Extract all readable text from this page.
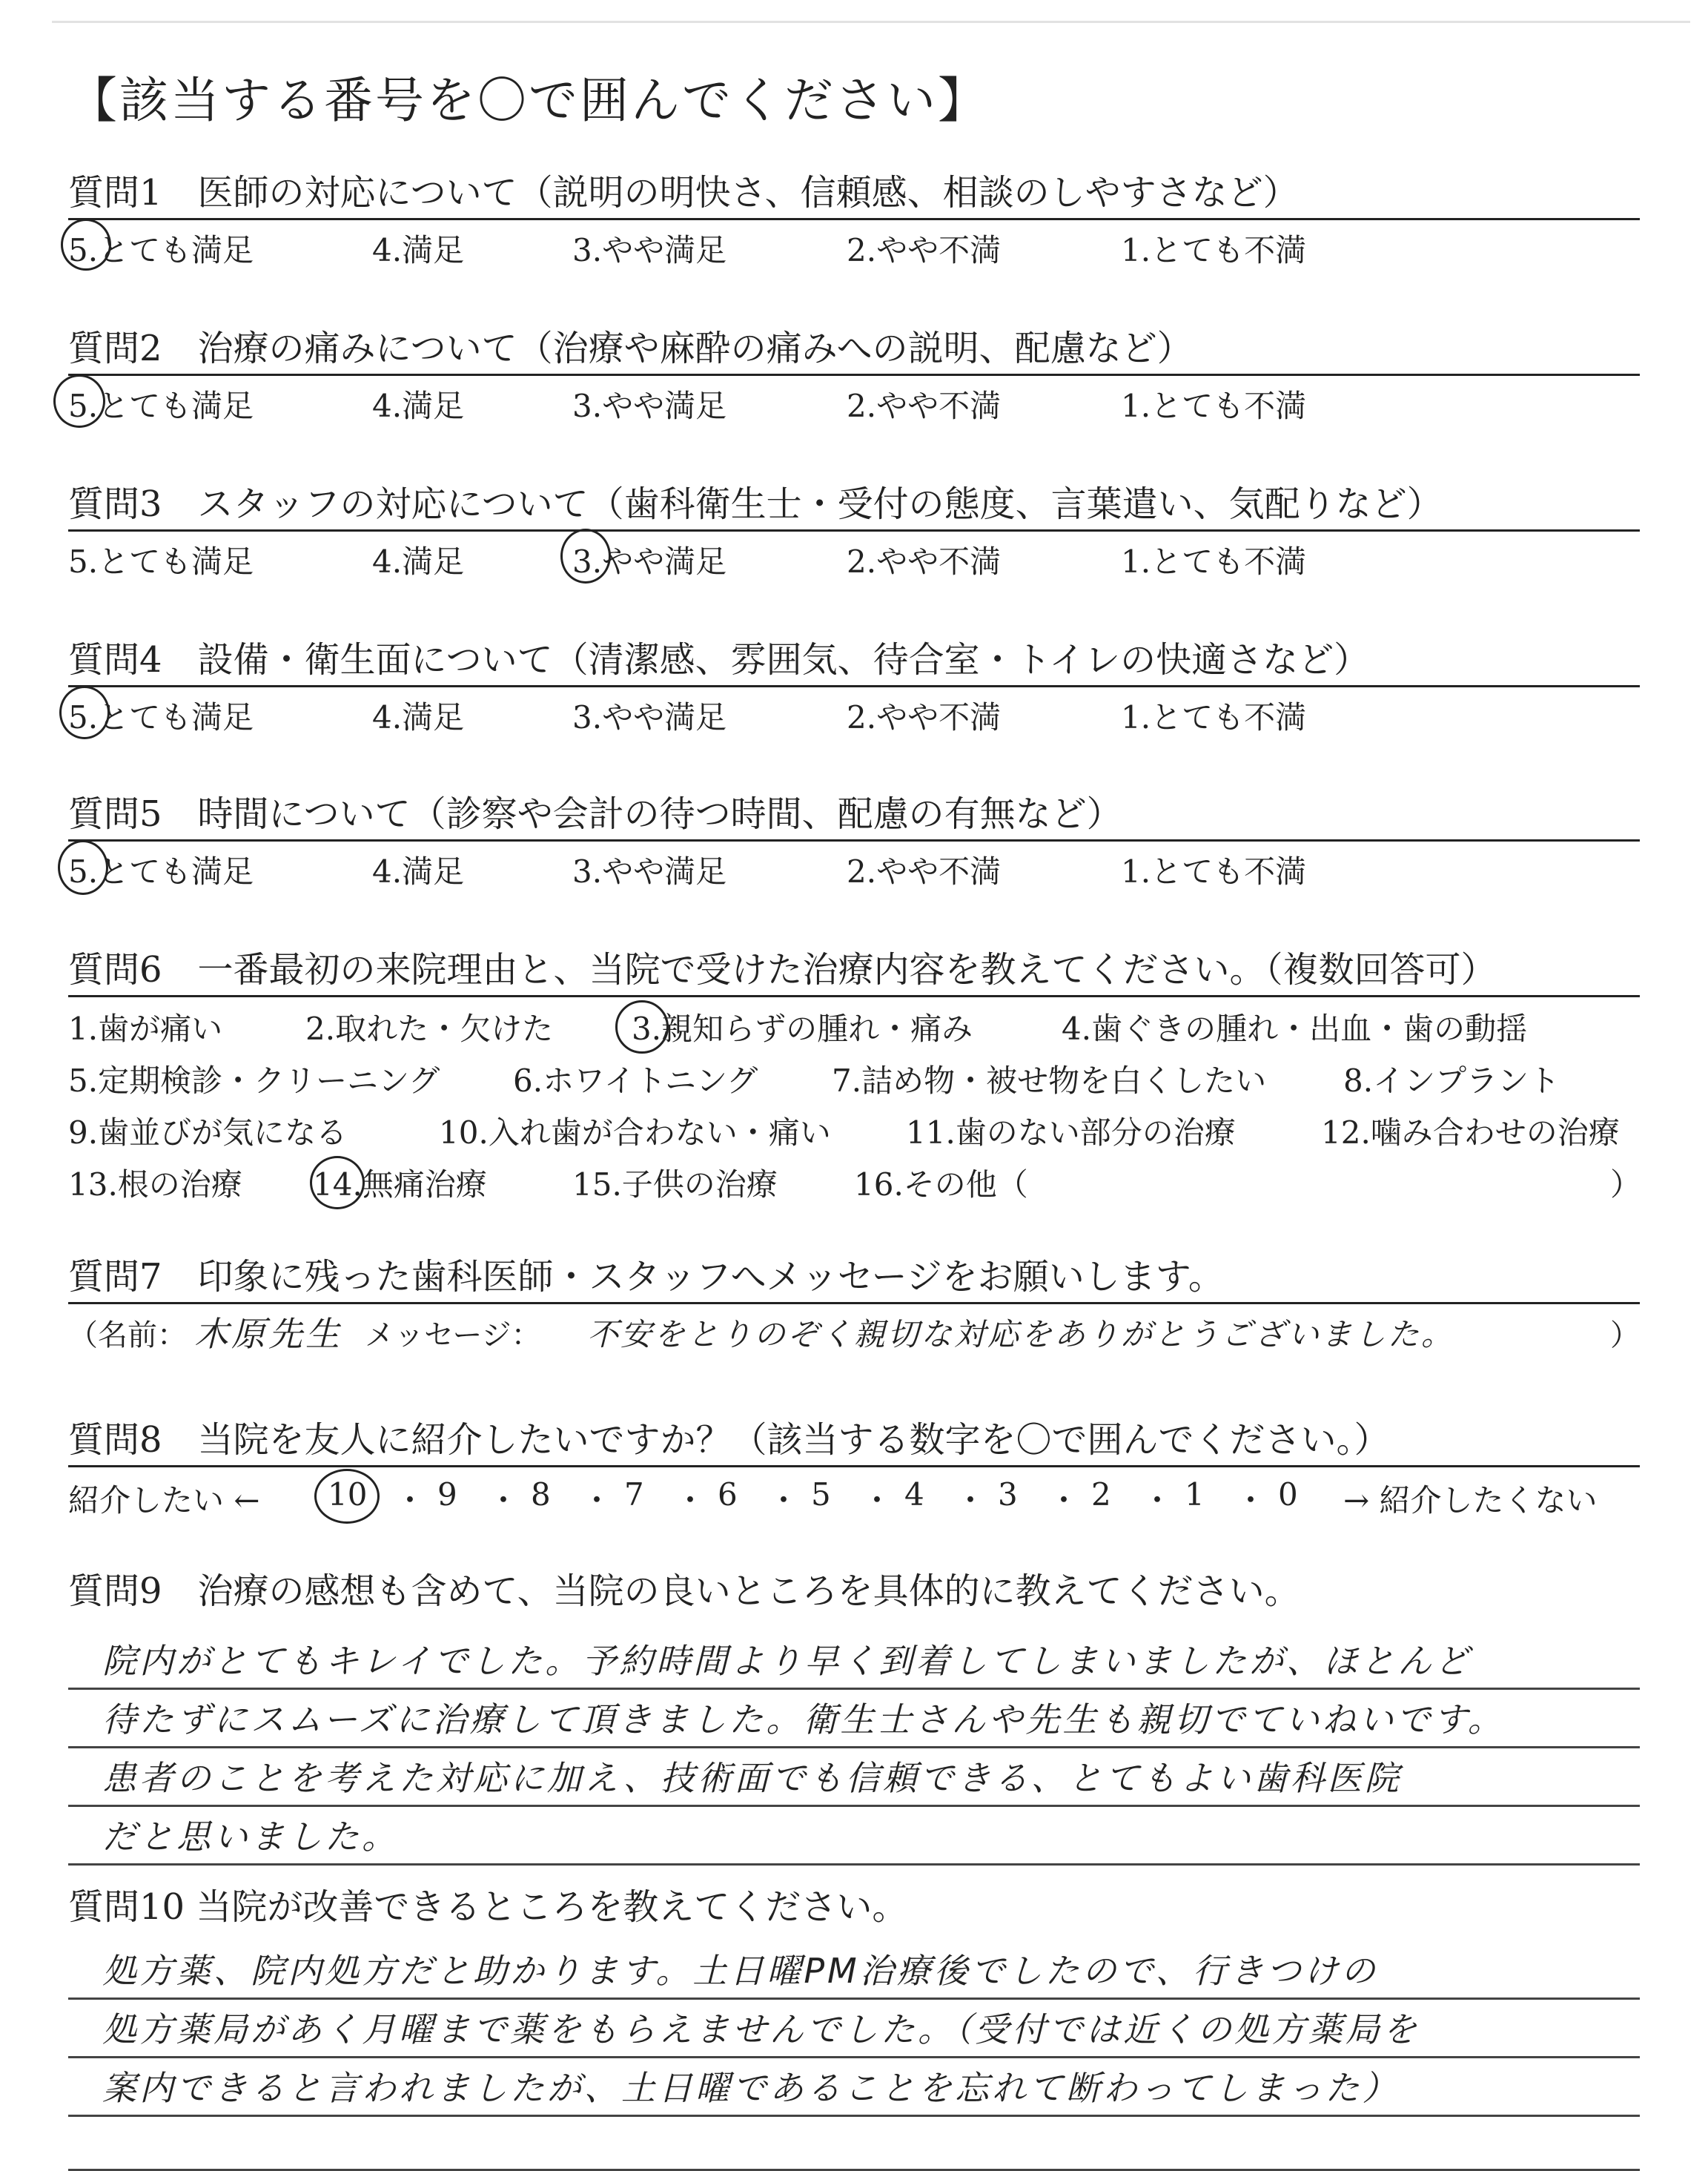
【該当する番号を〇で囲んでください】
質問1　医師の対応について（説明の明快さ、信頼感、相談のしやすさなど）
5.とても満足	4.満足	3.やや満足	2.やや不満	1.とても不満
質問2　治療の痛みについて（治療や麻酔の痛みへの説明、配慮など）
5.とても満足	4.満足	3.やや満足	2.やや不満	1.とても不満
質問3　スタッフの対応について（歯科衛生士・受付の態度、言葉遣い、気配りなど）
5.とても満足	4.満足	3.やや満足	2.やや不満	1.とても不満
質問4　設備・衛生面について（清潔感、雰囲気、待合室・トイレの快適さなど）
5.とても満足	4.満足	3.やや満足	2.やや不満	1.とても不満
質問5　時間について（診察や会計の待つ時間、配慮の有無など）
5.とても満足	4.満足	3.やや満足	2.やや不満	1.とても不満
質問6　一番最初の来院理由と、当院で受けた治療内容を教えてください。（複数回答可）
1.歯が痛い	2.取れた・欠けた	3.親知らずの腫れ・痛み	4.歯ぐきの腫れ・出血・歯の動揺
5.定期検診・クリーニング 6.ホワイトニング 7.詰め物・被せ物を白くしたい 8.インプラント
9.歯並びが気になる	10.入れ歯が合わない・痛い 11.歯のない部分の治療	12.噛み合わせの治療
13.根の治療 14.無痛治療	15.子供の治療 16.その他（	）
質問7　印象に残った歯科医師・スタッフへメッセージをお願いします。
（名前： 木原先生 メッセージ： 不安をとりのぞく親切な対応をありがとうございました。	）
質問8　当院を友人に紹介したいですか？（該当する数字を〇で囲んでください。）
紹介したい ← 10 ・ 9 ・ 8 ・ 7 ・ 6 ・ 5 ・ 4 ・ 3 ・ 2 ・ 1 ・ 0 → 紹介したくない
質問9　治療の感想も含めて、当院の良いところを具体的に教えてください。
院内がとてもキレイでした。予約時間より早く到着してしまいましたが、ほとんど
待たずにスムーズに治療して頂きました。衛生士さんや先生も親切でていねいです。
患者のことを考えた対応に加え、技術面でも信頼できる、とてもよい歯科医院
だと思いました。
質問10 当院が改善できるところを教えてください。
処方薬、院内処方だと助かります。土日曜PM治療後でしたので、行きつけの
処方薬局があく月曜まで薬をもらえませんでした。（受付では近くの処方薬局を
案内できると言われましたが、土日曜であることを忘れて断わってしまった）
